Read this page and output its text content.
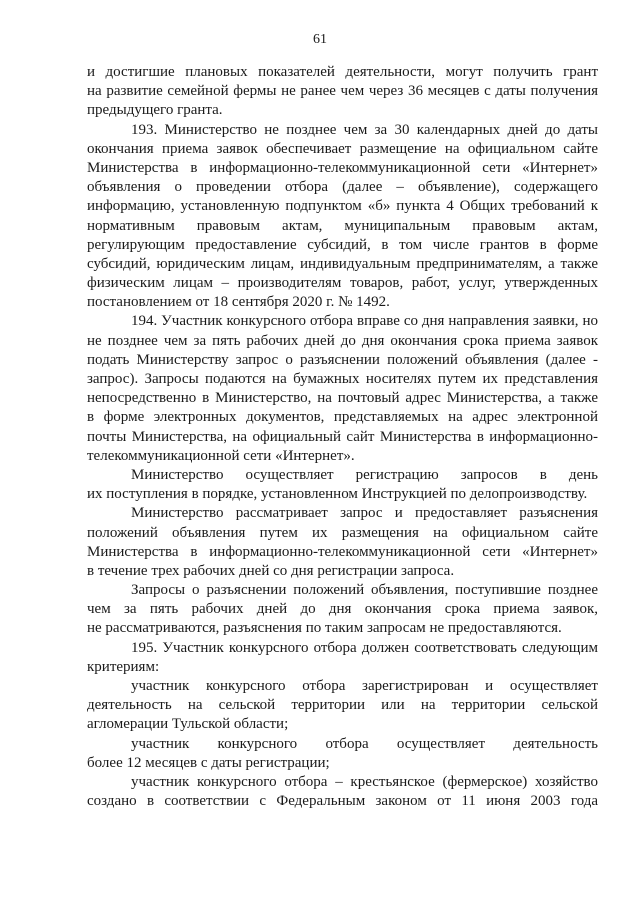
61
и достигшие плановых показателей деятельности, могут получить грант
на развитие семейной фермы не ранее чем через 36 месяцев с даты получения
предыдущего гранта.
193. Министерство не позднее чем за 30 календарных дней до даты
окончания приема заявок обеспечивает размещение на официальном сайте
Министерства в информационно-телекоммуникационной сети «Интернет»
объявления о проведении отбора (далее – объявление), содержащего
информацию, установленную подпунктом «б» пункта 4 Общих требований к
нормативным правовым актам, муниципальным правовым актам,
регулирующим предоставление субсидий, в том числе грантов в форме
субсидий, юридическим лицам, индивидуальным предпринимателям, а также
физическим лицам – производителям товаров, работ, услуг, утвержденных
постановлением от 18 сентября 2020 г. № 1492.
194. Участник конкурсного отбора вправе со дня направления заявки, но
не позднее чем за пять рабочих дней до дня окончания срока приема заявок
подать Министерству запрос о разъяснении положений объявления (далее -
запрос). Запросы подаются на бумажных носителях путем их представления
непосредственно в Министерство, на почтовый адрес Министерства, а также
в форме электронных документов, представляемых на адрес электронной
почты Министерства, на официальный сайт Министерства в информационно-
телекоммуникационной сети «Интернет».
Министерство осуществляет регистрацию запросов в день
их поступления в порядке, установленном Инструкцией по делопроизводству.
Министерство рассматривает запрос и предоставляет разъяснения
положений объявления путем их размещения на официальном сайте
Министерства в информационно-телекоммуникационной сети «Интернет»
в течение трех рабочих дней со дня регистрации запроса.
Запросы о разъяснении положений объявления, поступившие позднее
чем за пять рабочих дней до дня окончания срока приема заявок,
не рассматриваются, разъяснения по таким запросам не предоставляются.
195. Участник конкурсного отбора должен соответствовать следующим
критериям:
участник конкурсного отбора зарегистрирован и осуществляет
деятельность на сельской территории или на территории сельской
агломерации Тульской области;
участник конкурсного отбора осуществляет деятельность
более 12 месяцев с даты регистрации;
участник конкурсного отбора – крестьянское (фермерское) хозяйство
создано в соответствии с Федеральным законом от 11 июня 2003 года
